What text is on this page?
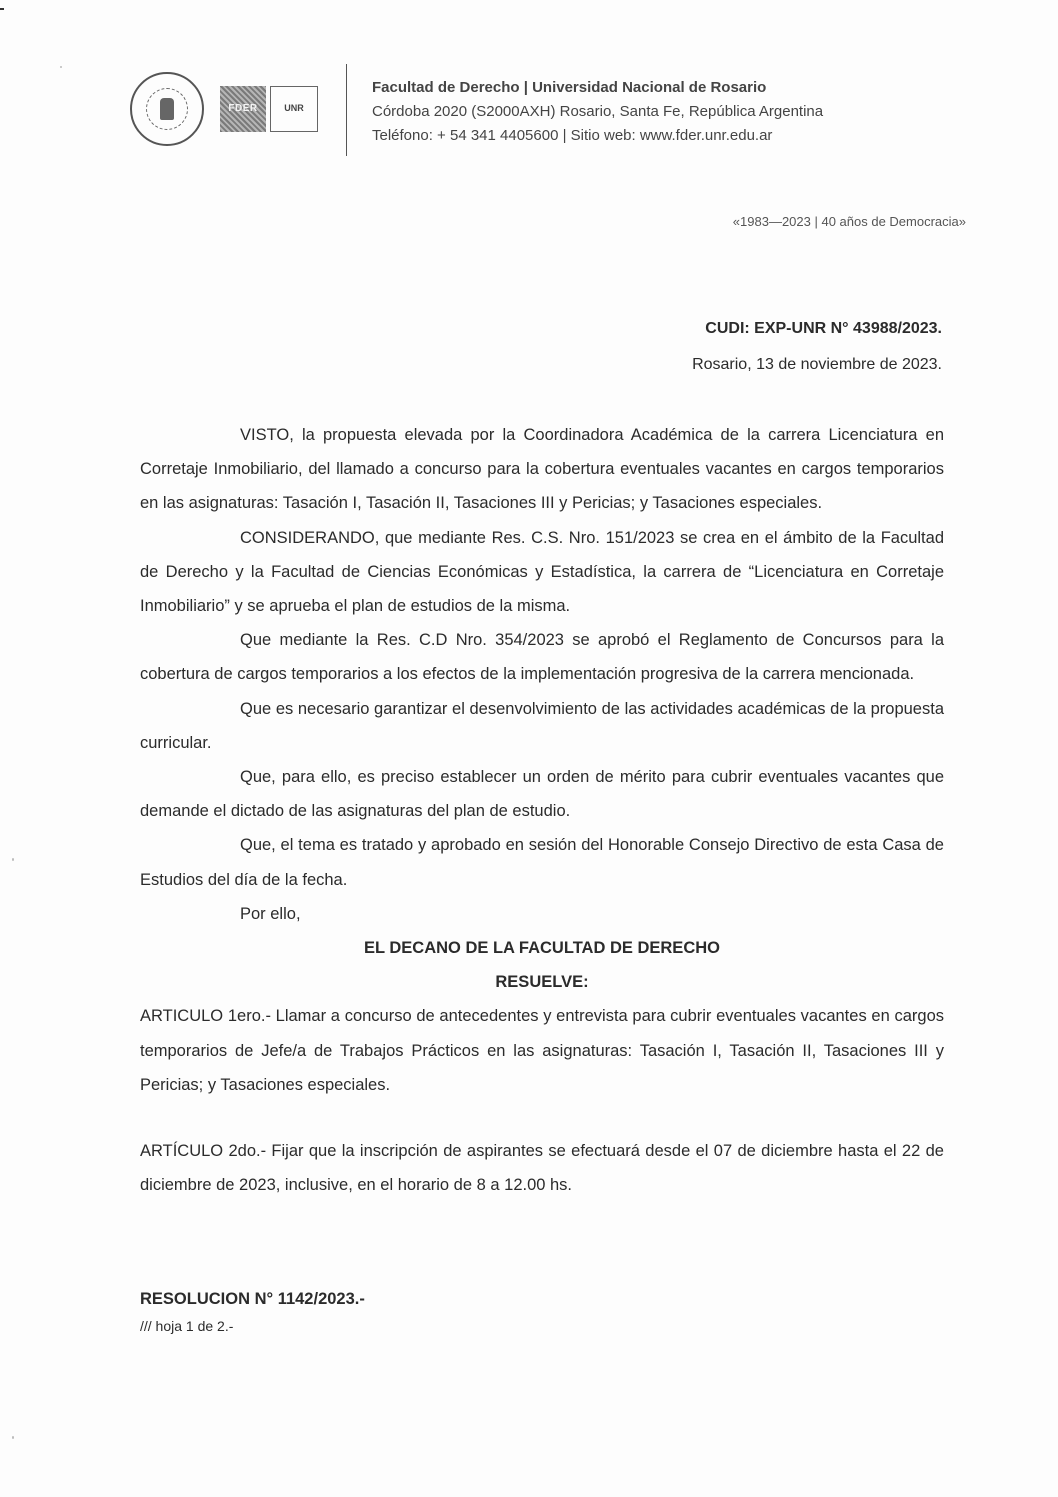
FDER	UNR
Facultad de Derecho | Universidad Nacional de Rosario
Córdoba 2020 (S2000AXH) Rosario, Santa Fe, República Argentina
Teléfono: + 54 341 4405600 | Sitio web: www.fder.unr.edu.ar
«1983—2023 | 40 años de Democracia»
CUDI: EXP-UNR N° 43988/2023.
Rosario, 13 de noviembre de 2023.

VISTO, la propuesta elevada por la Coordinadora Académica de la carrera Licenciatura en Corretaje Inmobiliario, del llamado a concurso para la cobertura eventuales vacantes en cargos temporarios en las asignaturas: Tasación I, Tasación II, Tasaciones III y Pericias; y Tasaciones especiales.

CONSIDERANDO, que mediante Res. C.S. Nro. 151/2023 se crea en el ámbito de la Facultad de Derecho y la Facultad de Ciencias Económicas y Estadística, la carrera de “Licenciatura en Corretaje Inmobiliario” y se aprueba el plan de estudios de la misma.

Que mediante la Res. C.D Nro. 354/2023 se aprobó el Reglamento de Concursos para la cobertura de cargos temporarios a los efectos de la implementación progresiva de la carrera mencionada.

Que es necesario garantizar el desenvolvimiento de las actividades académicas de la propuesta curricular.

Que, para ello, es preciso establecer un orden de mérito para cubrir eventuales vacantes que demande el dictado de las asignaturas del plan de estudio.

Que, el tema es tratado y aprobado en sesión del Honorable Consejo Directivo de esta Casa de Estudios del día de la fecha.

Por ello,

EL DECANO DE LA FACULTAD DE DERECHO

RESUELVE:

ARTICULO 1ero.- Llamar a concurso de antecedentes y entrevista para cubrir eventuales vacantes en cargos temporarios de Jefe/a de Trabajos Prácticos en las asignaturas: Tasación I, Tasación II, Tasaciones III y Pericias; y Tasaciones especiales.

ARTÍCULO 2do.- Fijar que la inscripción de aspirantes se efectuará desde el 07 de diciembre hasta el 22 de diciembre de 2023, inclusive, en el horario de 8 a 12.00 hs.

RESOLUCION N° 1142/2023.-
/// hoja 1 de 2.-
